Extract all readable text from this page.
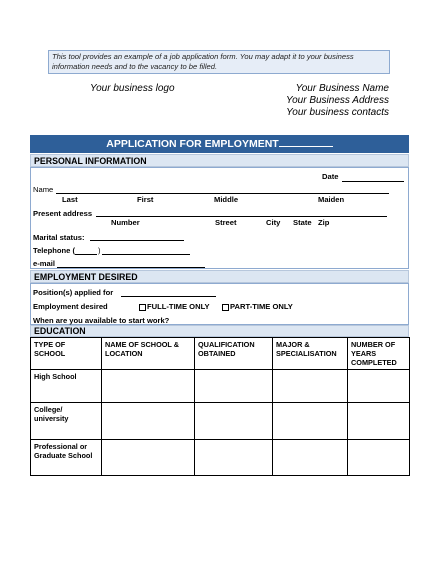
This tool provides an example of a job application form. You may adapt it to your business information needs and to the vacancy to be filled.
Your business logo	Your Business Name
Your Business Address
Your business contacts
APPLICATION FOR EMPLOYMENT
PERSONAL INFORMATION
Date
Name
Last	First	Middle	Maiden
Present address
Number	Street	City State Zip
Marital status:
Telephone (	)
e-mail
EMPLOYMENT DESIRED
Position(s) applied for
Employment desired	FULL-TIME ONLY	PART-TIME ONLY
When are you available to start work?
EDUCATION
TYPE OF SCHOOL	NAME OF SCHOOL & LOCATION	QUALIFICATION OBTAINED	MAJOR & SPECIALISATION	NUMBER OF YEARS COMPLETED
High School				
College/ university				
Professional or Graduate School				
